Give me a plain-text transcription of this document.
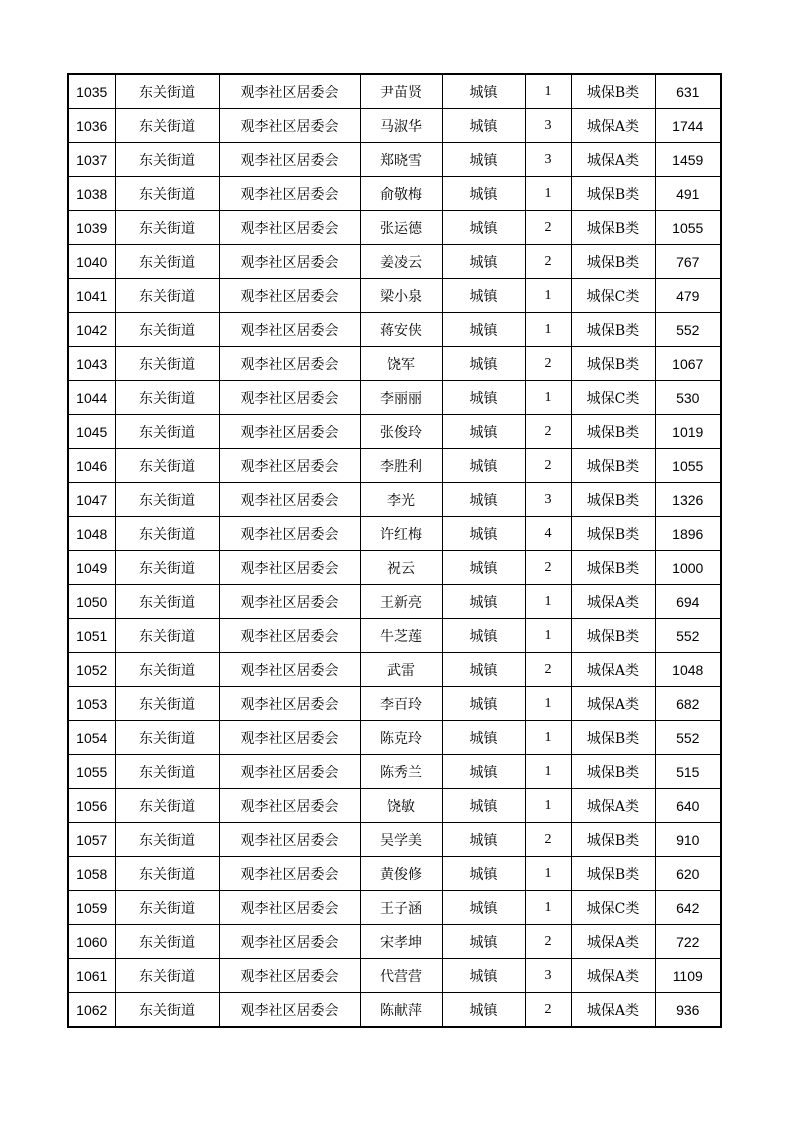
1035	东关街道	观李社区居委会	尹苗贤	城镇	1	城保B类	631
1036	东关街道	观李社区居委会	马淑华	城镇	3	城保A类	1744
1037	东关街道	观李社区居委会	郑晓雪	城镇	3	城保A类	1459
1038	东关街道	观李社区居委会	俞敬梅	城镇	1	城保B类	491
1039	东关街道	观李社区居委会	张运德	城镇	2	城保B类	1055
1040	东关街道	观李社区居委会	姜凌云	城镇	2	城保B类	767
1041	东关街道	观李社区居委会	梁小泉	城镇	1	城保C类	479
1042	东关街道	观李社区居委会	蒋安侠	城镇	1	城保B类	552
1043	东关街道	观李社区居委会	饶军	城镇	2	城保B类	1067
1044	东关街道	观李社区居委会	李丽丽	城镇	1	城保C类	530
1045	东关街道	观李社区居委会	张俊玲	城镇	2	城保B类	1019
1046	东关街道	观李社区居委会	李胜利	城镇	2	城保B类	1055
1047	东关街道	观李社区居委会	李光	城镇	3	城保B类	1326
1048	东关街道	观李社区居委会	许红梅	城镇	4	城保B类	1896
1049	东关街道	观李社区居委会	祝云	城镇	2	城保B类	1000
1050	东关街道	观李社区居委会	王新亮	城镇	1	城保A类	694
1051	东关街道	观李社区居委会	牛芝莲	城镇	1	城保B类	552
1052	东关街道	观李社区居委会	武雷	城镇	2	城保A类	1048
1053	东关街道	观李社区居委会	李百玲	城镇	1	城保A类	682
1054	东关街道	观李社区居委会	陈克玲	城镇	1	城保B类	552
1055	东关街道	观李社区居委会	陈秀兰	城镇	1	城保B类	515
1056	东关街道	观李社区居委会	饶敏	城镇	1	城保A类	640
1057	东关街道	观李社区居委会	吴学美	城镇	2	城保B类	910
1058	东关街道	观李社区居委会	黄俊修	城镇	1	城保B类	620
1059	东关街道	观李社区居委会	王子涵	城镇	1	城保C类	642
1060	东关街道	观李社区居委会	宋孝坤	城镇	2	城保A类	722
1061	东关街道	观李社区居委会	代营营	城镇	3	城保A类	1109
1062	东关街道	观李社区居委会	陈献萍	城镇	2	城保A类	936
